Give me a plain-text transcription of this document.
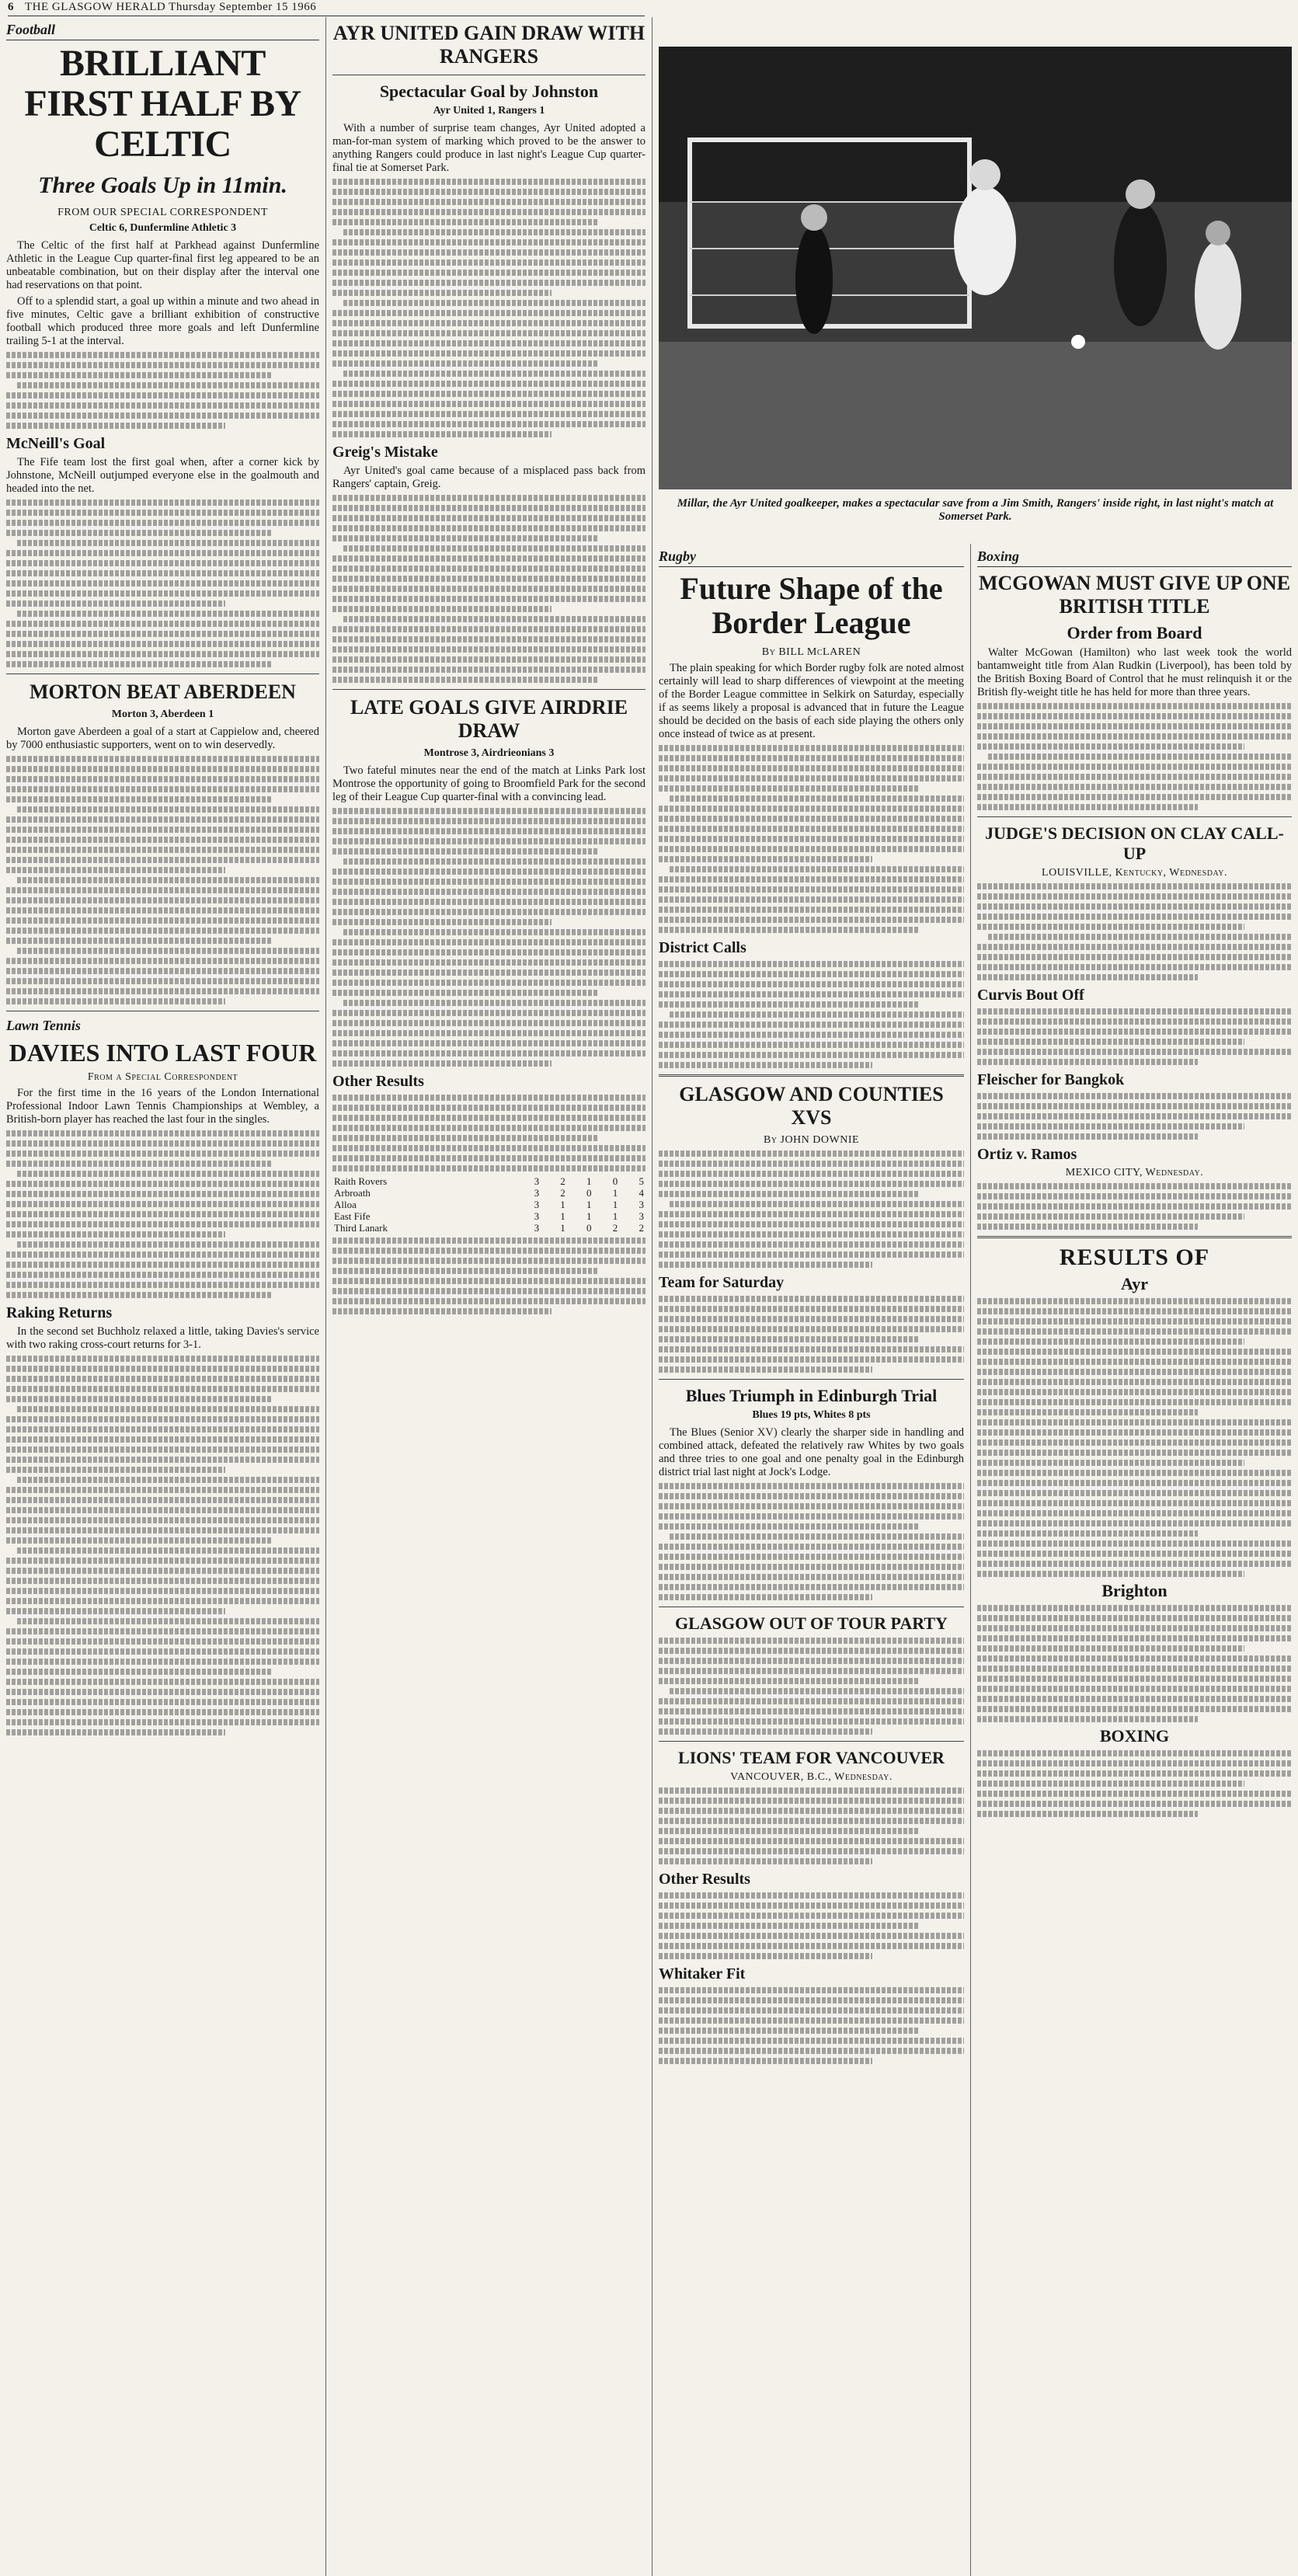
6 THE GLASGOW HERALD Thursday September 15 1966
Football
BRILLIANT FIRST HALF BY CELTIC
Three Goals Up in 11min.
FROM OUR SPECIAL CORRESPONDENT
Celtic 6, Dunfermline Athletic 3

The Celtic of the first half at Parkhead against Dunfermline Athletic in the League Cup quarter-final first leg appeared to be an unbeatable combination, but on their display after the interval one had reservations on that point.

Off to a splendid start, a goal up within a minute and two ahead in five minutes, Celtic gave a brilliant exhibition of constructive football which produced three more goals and left Dunfermline trailing 5-1 at the interval.

McNeill's Goal

The Fife team lost the first goal when, after a corner kick by Johnstone, McNeill outjumped everyone else in the goalmouth and headed into the net.

MORTON BEAT ABERDEEN
Morton 3, Aberdeen 1

Morton gave Aberdeen a goal of a start at Cappielow and, cheered by 7000 enthusiastic supporters, went on to win deservedly.

Lawn Tennis
DAVIES INTO LAST FOUR
From a Special Correspondent

For the first time in the 16 years of the London International Professional Indoor Lawn Tennis Championships at Wembley, a British-born player has reached the last four in the singles.

Raking Returns

In the second set Buchholz relaxed a little, taking Davies's service with two raking cross-court returns for 3-1.

AYR UNITED GAIN DRAW WITH RANGERS
Spectacular Goal by Johnston
Ayr United 1, Rangers 1

With a number of surprise team changes, Ayr United adopted a man-for-man system of marking which proved to be the answer to anything Rangers could produce in last night's League Cup quarter-final tie at Somerset Park.

Greig's Mistake

Ayr United's goal came because of a misplaced pass back from Rangers' captain, Greig.

LATE GOALS GIVE AIRDRIE DRAW
Montrose 3, Airdrieonians 3

Two fateful minutes near the end of the match at Links Park lost Montrose the opportunity of going to Broomfield Park for the second leg of their League Cup quarter-final with a convincing lead.

Other Results
Raith Rovers	3	2	1	0	5
Arbroath	3	2	0	1	4
Alloa	3	1	1	1	3
East Fife	3	1	1	1	3
Third Lanark	3	1	0	2	2
Millar, the Ayr United goalkeeper, makes a spectacular save from a Jim Smith, Rangers' inside right, in last night's match at Somerset Park.
Rugby
Future Shape of the Border League
By BILL McLAREN

The plain speaking for which Border rugby folk are noted almost certainly will lead to sharp differences of viewpoint at the meeting of the Border League committee in Selkirk on Saturday, especially if as seems likely a proposal is advanced that in future the League should be decided on the basis of each side playing the others only once instead of twice as at present.

District Calls
GLASGOW AND COUNTIES XVS
By JOHN DOWNIE
Team for Saturday
Blues Triumph in Edinburgh Trial
Blues 19 pts, Whites 8 pts

The Blues (Senior XV) clearly the sharper side in handling and combined attack, defeated the relatively raw Whites by two goals and three tries to one goal and one penalty goal in the Edinburgh district trial last night at Jock's Lodge.

GLASGOW OUT OF TOUR PARTY
LIONS' TEAM FOR VANCOUVER
VANCOUVER, B.C., Wednesday.
Other Results
Whitaker Fit
Boxing
MCGOWAN MUST GIVE UP ONE BRITISH TITLE
Order from Board

Walter McGowan (Hamilton) who last week took the world bantamweight title from Alan Rudkin (Liverpool), has been told by the British Boxing Board of Control that he must relinquish it or the British fly-weight title he has held for more than three years.

JUDGE'S DECISION ON CLAY CALL-UP
LOUISVILLE, Kentucky, Wednesday.
Curvis Bout Off
Fleischer for Bangkok
Ortiz v. Ramos
MEXICO CITY, Wednesday.
RESULTS OF
Ayr
Brighton
BOXING
